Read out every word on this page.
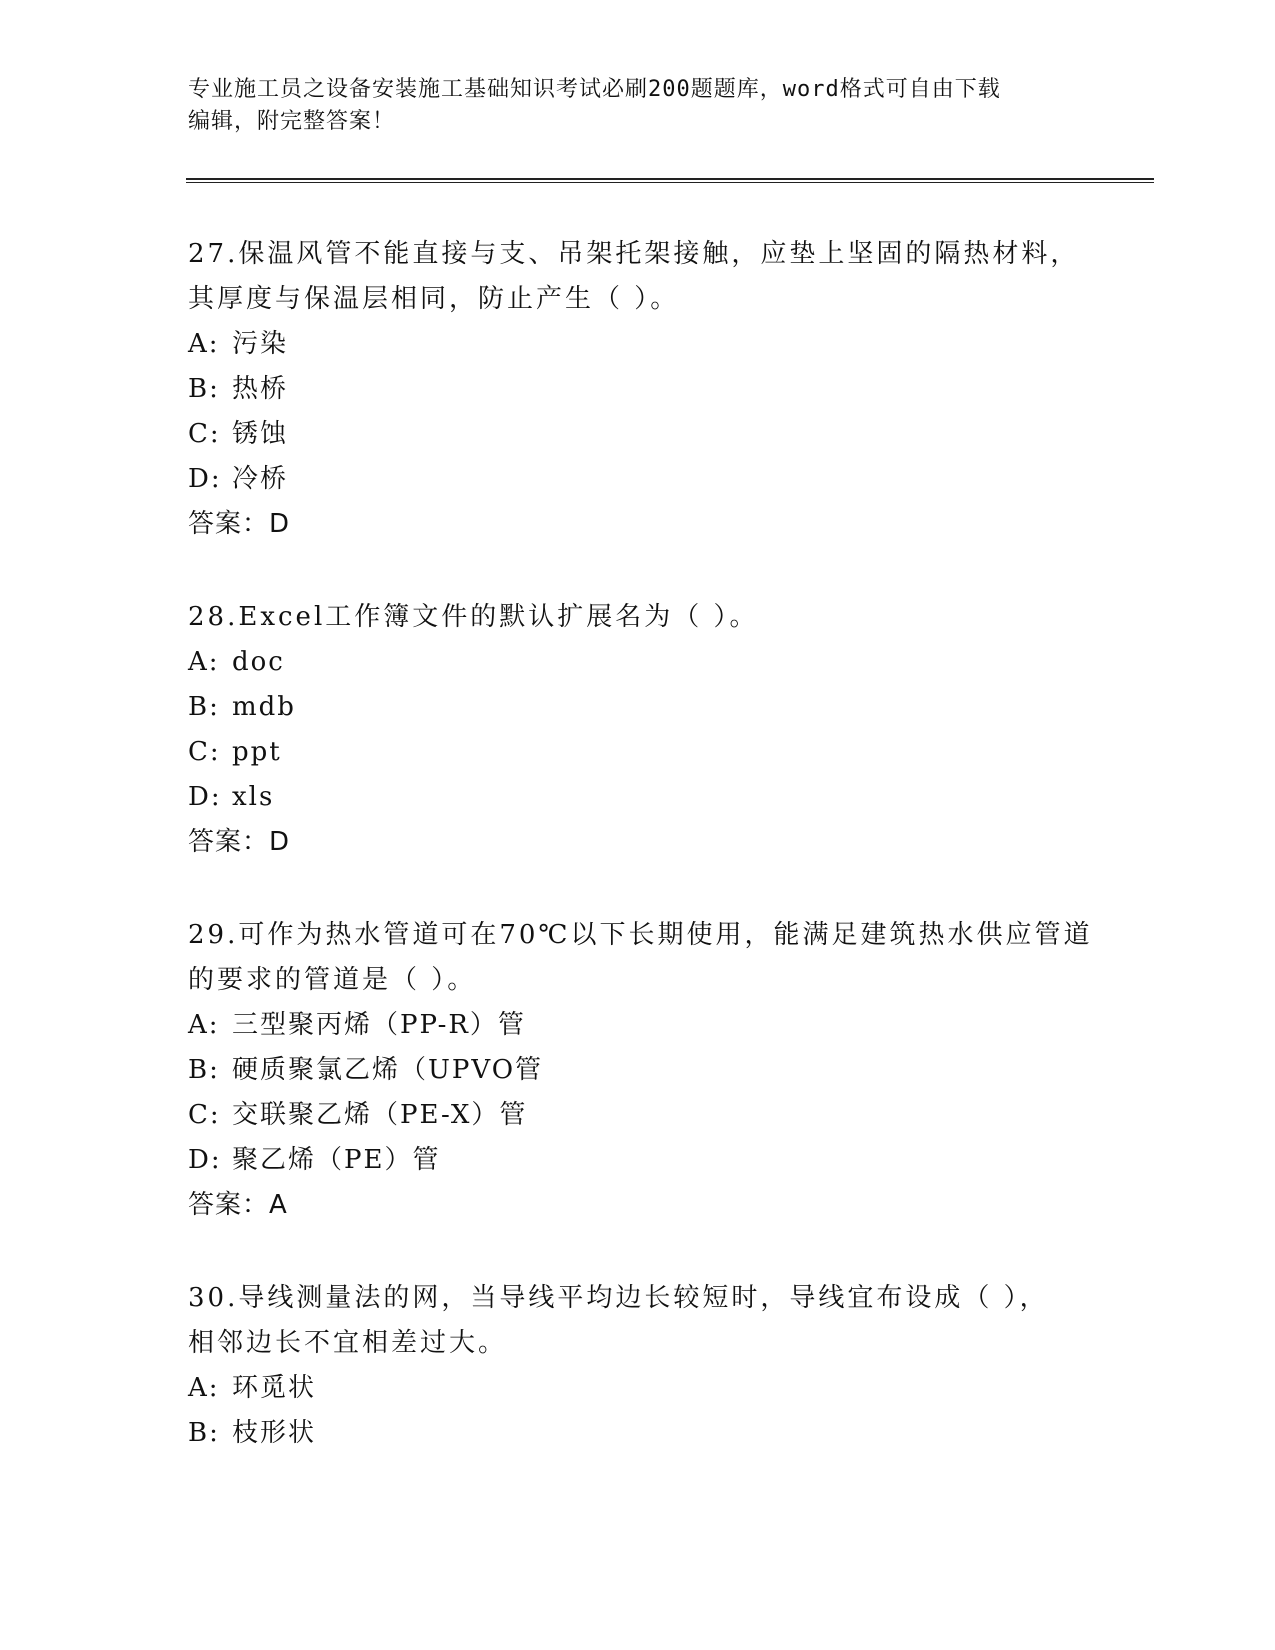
专业施工员之设备安装施工基础知识考试必刷200题题库，word格式可自由下载
编辑，附完整答案！

27.保温风管不能直接与支、吊架托架接触，应垫上坚固的隔热材料，

其厚度与保温层相同，防止产生（ ）。

A: 污染

B: 热桥

C: 锈蚀

D: 冷桥

答案：D

28.Excel工作簿文件的默认扩展名为（ ）。

A: doc

B: mdb

C: ppt

D: xls

答案：D

29.可作为热水管道可在70℃以下长期使用，能满足建筑热水供应管道

的要求的管道是（ ）。

A: 三型聚丙烯（PP-R）管

B: 硬质聚氯乙烯（UPVO管

C: 交联聚乙烯（PE-X）管

D: 聚乙烯（PE）管

答案：A

30.导线测量法的网，当导线平均边长较短时，导线宜布设成（ ），

相邻边长不宜相差过大。

A: 环觅状

B: 枝形状
